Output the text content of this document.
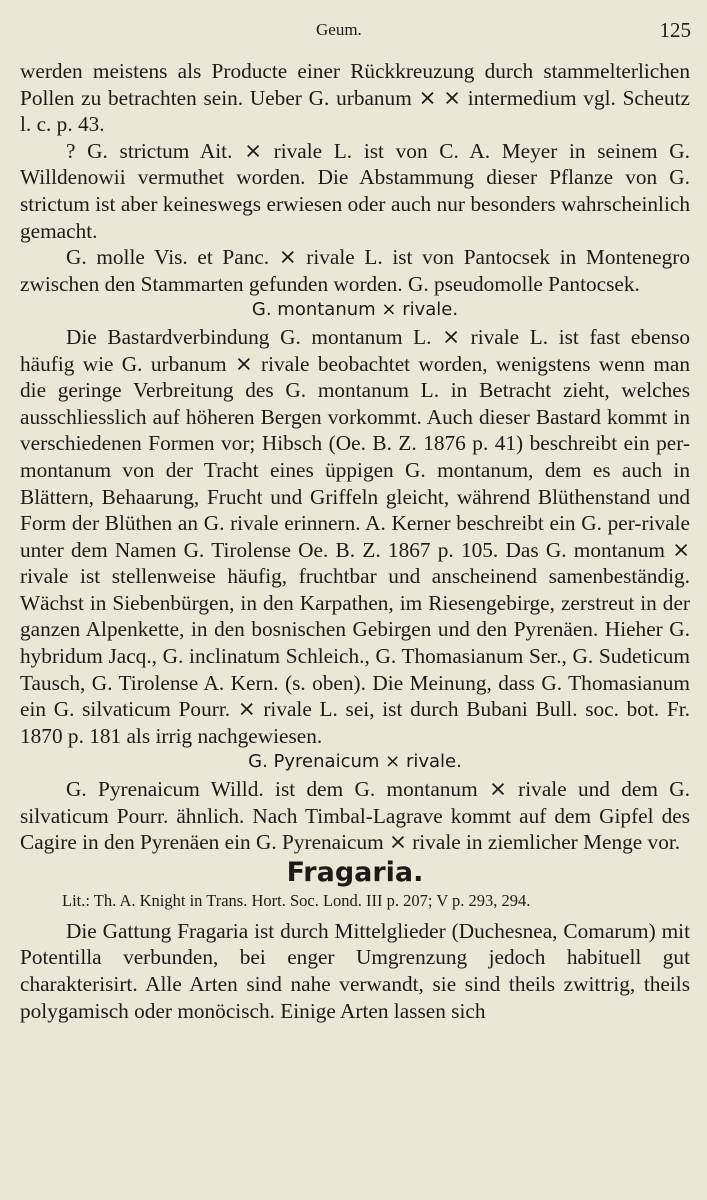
Geum.	125

werden meistens als Producte einer Rückkreuzung durch stammelterlichen Pollen zu betrachten sein. Ueber G. urbanum ⨯ ⨯ intermedium vgl. Scheutz l. c. p. 43.

? G. strictum Ait. ⨯ rivale L. ist von C. A. Meyer in seinem G. Willdenowii vermuthet worden. Die Abstammung dieser Pflanze von G. strictum ist aber keineswegs erwiesen oder auch nur besonders wahrscheinlich gemacht.

G. molle Vis. et Panc. ⨯ rivale L. ist von Pantocsek in Montenegro zwischen den Stammarten gefunden worden. G. pseudomolle Pantocsek.

G. montanum ⨯ rivale.

Die Bastardverbindung G. montanum L. ⨯ rivale L. ist fast ebenso häufig wie G. urbanum ⨯ rivale beobachtet worden, wenigstens wenn man die geringe Verbreitung des G. montanum L. in Betracht zieht, welches ausschliesslich auf höheren Bergen vorkommt. Auch dieser Bastard kommt in verschiedenen Formen vor; Hibsch (Oe. B. Z. 1876 p. 41) beschreibt ein per-montanum von der Tracht eines üppigen G. montanum, dem es auch in Blättern, Behaarung, Frucht und Griffeln gleicht, während Blüthenstand und Form der Blüthen an G. rivale erinnern. A. Kerner beschreibt ein G. per-rivale unter dem Namen G. Tirolense Oe. B. Z. 1867 p. 105. Das G. montanum ⨯ rivale ist stellenweise häufig, fruchtbar und anscheinend samenbeständig. Wächst in Siebenbürgen, in den Karpathen, im Riesengebirge, zerstreut in der ganzen Alpenkette, in den bosnischen Gebirgen und den Pyrenäen. Hieher G. hybridum Jacq., G. inclinatum Schleich., G. Thomasianum Ser., G. Sudeticum Tausch, G. Tirolense A. Kern. (s. oben). Die Meinung, dass G. Thomasianum ein G. silvaticum Pourr. ⨯ rivale L. sei, ist durch Bubani Bull. soc. bot. Fr. 1870 p. 181 als irrig nachgewiesen.

G. Pyrenaicum ⨯ rivale.

G. Pyrenaicum Willd. ist dem G. montanum ⨯ rivale und dem G. silvaticum Pourr. ähnlich. Nach Timbal-Lagrave kommt auf dem Gipfel des Cagire in den Pyrenäen ein G. Pyrenaicum ⨯ rivale in ziemlicher Menge vor.

Fragaria.

Lit.: Th. A. Knight in Trans. Hort. Soc. Lond. III p. 207; V p. 293, 294.

Die Gattung Fragaria ist durch Mittelglieder (Duchesnea, Comarum) mit Potentilla verbunden, bei enger Umgrenzung jedoch habituell gut charakterisirt. Alle Arten sind nahe verwandt, sie sind theils zwittrig, theils polygamisch oder monöcisch. Einige Arten lassen sich
